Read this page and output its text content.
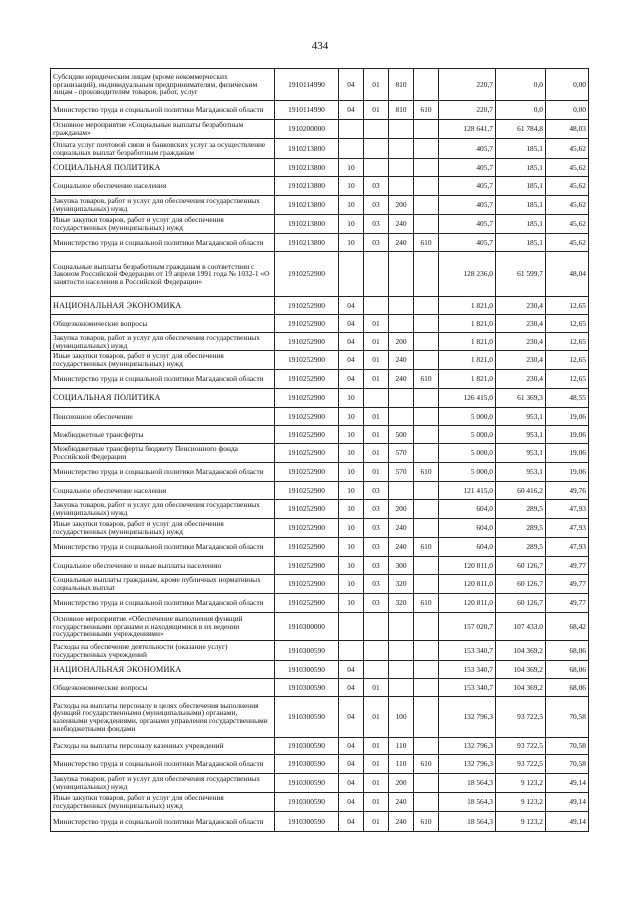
434
Субсидии юридическим лицам (кроме некоммерческих организаций), индивидуальным предпринимателям, физическим лицам - производителям товаров, работ, услуг	1910114990	04	01	810		220,7	0,0	0,00
Министерство труда и социальной политики Магаданской области	1910114990	04	01	810	610	220,7	0,0	0,00
Основное мероприятие «Социальные выплаты безработным гражданам»	1910200000					128 641,7	61 784,8	48,03
Оплата услуг почтовой связи и банковских услуг за осуществление социальных выплат безработным гражданам	1910213800					405,7	185,1	45,62
СОЦИАЛЬНАЯ ПОЛИТИКА	1910213800	10				405,7	185,1	45,62
Социальное обеспечение населения	1910213800	10	03			405,7	185,1	45,62
Закупка товаров, работ и услуг для обеспечения государственных (муниципальных) нужд	1910213800	10	03	200		405,7	185,1	45,62
Иные закупки товаров, работ и услуг для обеспечения государственных (муниципальных) нужд	1910213800	10	03	240		405,7	185,1	45,62
Министерство труда и социальной политики Магаданской области	1910213800	10	03	240	610	405,7	185,1	45,62
Социальные выплаты безработным гражданам в соответствии с Законом Российской Федерации от 19 апреля 1991 года № 1032-1 «О занятости населения в Российской Федерации»	1910252900					128 236,0	61 599,7	48,04
НАЦИОНАЛЬНАЯ ЭКОНОМИКА	1910252900	04				1 821,0	230,4	12,65
Общеэкономические вопросы	1910252900	04	01			1 821,0	230,4	12,65
Закупка товаров, работ и услуг для обеспечения государственных (муниципальных) нужд	1910252900	04	01	200		1 821,0	230,4	12,65
Иные закупки товаров, работ и услуг для обеспечения государственных (муниципальных) нужд	1910252900	04	01	240		1 821,0	230,4	12,65
Министерство труда и социальной политики Магаданской области	1910252900	04	01	240	610	1 821,0	230,4	12,65
СОЦИАЛЬНАЯ ПОЛИТИКА	1910252900	10				126 415,0	61 369,3	48,55
Пенсионное обеспечение	1910252900	10	01			5 000,0	953,1	19,06
Межбюджетные трансферты	1910252900	10	01	500		5 000,0	953,1	19,06
Межбюджетные трансферты бюджету Пенсионного фонда Российской Федерации	1910252900	10	01	570		5 000,0	953,1	19,06
Министерство труда и социальной политики Магаданской области	1910252900	10	01	570	610	5 000,0	953,1	19,06
Социальное обеспечение населения	1910252900	10	03			121 415,0	60 416,2	49,76
Закупка товаров, работ и услуг для обеспечения государственных (муниципальных) нужд	1910252900	10	03	200		604,0	289,5	47,93
Иные закупки товаров, работ и услуг для обеспечения государственных (муниципальных) нужд	1910252900	10	03	240		604,0	289,5	47,93
Министерство труда и социальной политики Магаданской области	1910252900	10	03	240	610	604,0	289,5	47,93
Социальное обеспечение и иные выплаты населению	1910252900	10	03	300		120 811,0	60 126,7	49,77
Социальные выплаты гражданам, кроме публичных нормативных социальных выплат	1910252900	10	03	320		120 811,0	60 126,7	49,77
Министерство труда и социальной политики Магаданской области	1910252900	10	03	320	610	120 811,0	60 126,7	49,77
Основное мероприятие «Обеспечение выполнения функций государственными органами и находящимися в их ведении государственными учреждениями»	1910300000					157 020,7	107 433,0	68,42
Расходы на обеспечение деятельности (оказание услуг) государственных учреждений	1910300590					153 340,7	104 369,2	68,06
НАЦИОНАЛЬНАЯ ЭКОНОМИКА	1910300590	04				153 340,7	104 369,2	68,06
Общеэкономические вопросы	1910300590	04	01			153 340,7	104 369,2	68,06
Расходы на выплаты персоналу в целях обеспечения выполнения функций государственными (муниципальными) органами, казенными учреждениями, органами управления государственными внебюджетными фондами	1910300590	04	01	100		132 796,3	93 722,5	70,58
Расходы на выплаты персоналу казенных учреждений	1910300590	04	01	110		132 796,3	93 722,5	70,58
Министерство труда и социальной политики Магаданской области	1910300590	04	01	110	610	132 796,3	93 722,5	70,58
Закупка товаров, работ и услуг для обеспечения государственных (муниципальных) нужд	1910300590	04	01	200		18 564,3	9 123,2	49,14
Иные закупки товаров, работ и услуг для обеспечения государственных (муниципальных) нужд	1910300590	04	01	240		18 564,3	9 123,2	49,14
Министерство труда и социальной политики Магаданской области	1910300590	04	01	240	610	18 564,3	9 123,2	49,14
